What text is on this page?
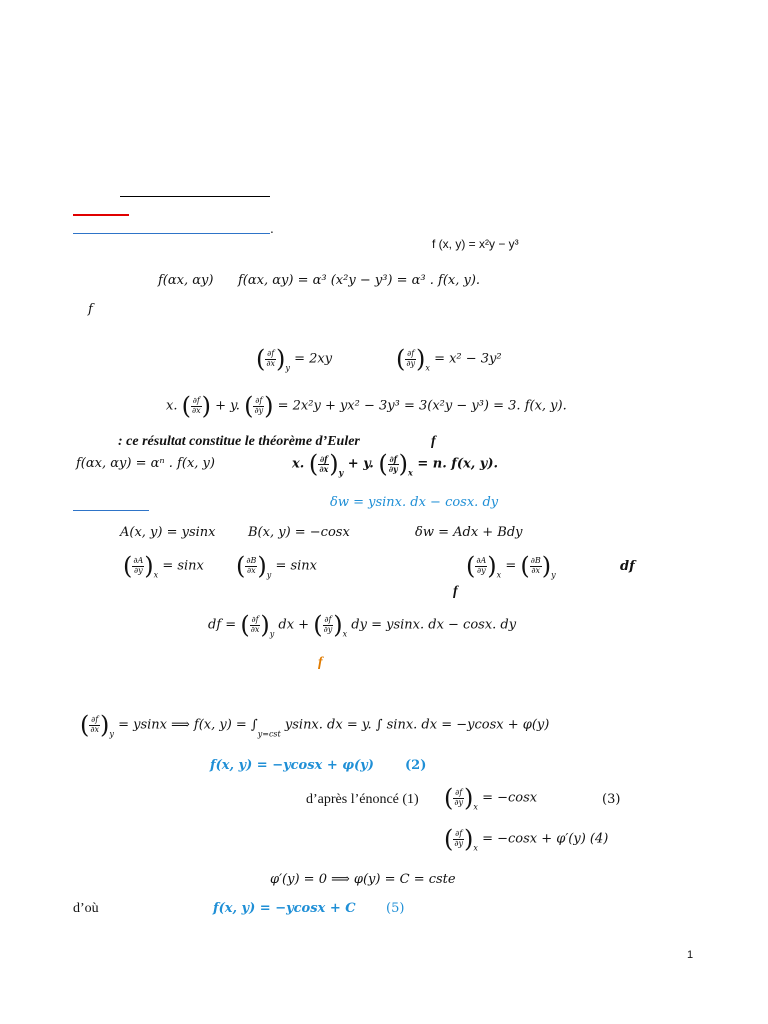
.
f (x, y) = x²y − y³
f(αx, αy) f(αx, αy) = α³ (x²y − y³) = α³ . f(x, y).
f
( $\frac{\partial f}{\partial x} )_y = 2xy$	( $\frac{\partial f}{\partial y} )_x = x^2 - 3y^2$
x. ( $\frac{\partial f}{\partial x}$ ) + y. ( $\frac{\partial f}{\partial y}$ ) = 2x²y + yx² − 3y³ = 3(x²y − y³) = 3. f(x, y).
: ce résultat constitue le théorème d’Euler	f
f(αx, αy) = αⁿ . f(x, y)	x. ( $\frac{\partial f}{\partial x} )_y + y$. ( $\frac{\partial f}{\partial y} )_x = n$. f(x, y).
δw = ysinx. dx − cosx. dy
A(x, y) = ysinx B(x, y) = −cosx	δw = Adx + Bdy
( $\frac{\partial A}{\partial y} )_x = \sin x$ ( $\frac{\partial B}{\partial x} )_y = \sin x$	( $\frac{\partial A}{\partial y} )_x$ = ( $\frac{\partial B}{\partial x} )_y$
df
f
df = ( $\frac{\partial f}{\partial x} )_y$ dx + ( $\frac{\partial f}{\partial y} )_x$ dy = ysinx. dx − cosx. dy
f
( $\frac{\partial f}{\partial x} )_y = ysinx$ ⟹ f(x, $y) = \int_{y=cst}$ ysinx. dx = y. ∫ sinx. dx = −ycosx + φ(y)
f(x, y) = −ycosx + φ(y) (2)
d’après l’énoncé (1) ( $\frac{\partial f}{\partial y} )_x = -\cos x$	(3)
( $\frac{\partial f}{\partial y} )_x = -\cos x + \varphi'(y)$ (4)
φ′(y) = 0 ⟹ φ(y) = C = cste
d’où	f(x, y) = −ycosx + C (5)
1
